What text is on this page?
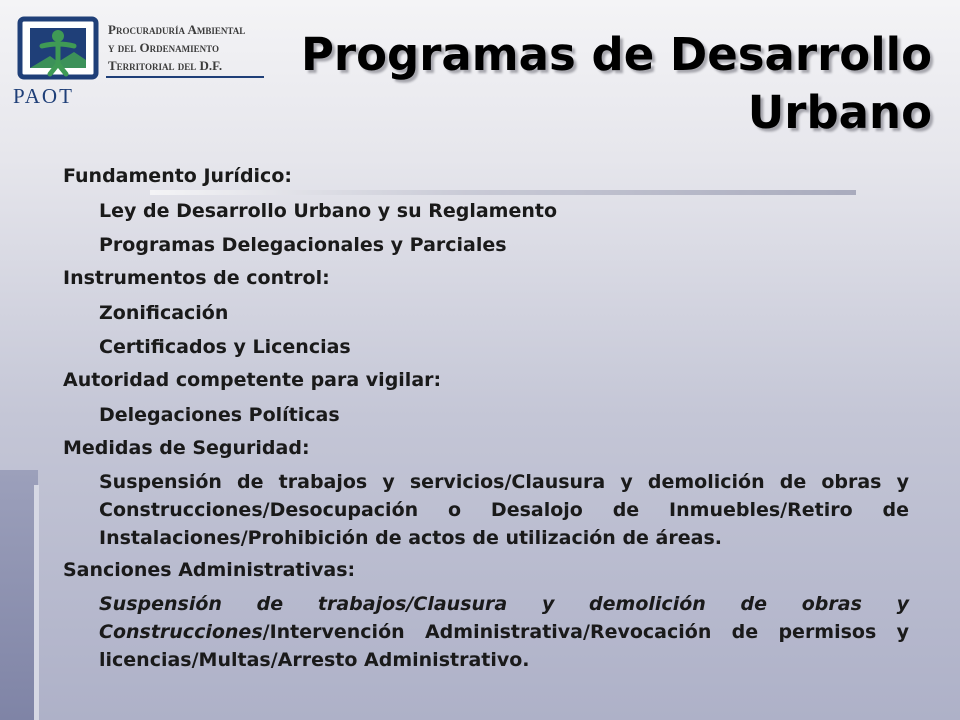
PAOT
Procuraduría Ambiental
y del Ordenamiento
Territorial del D.F. Programas de Desarrollo
Urbano
Fundamento Jurídico:
Ley de Desarrollo Urbano y su Reglamento
Programas Delegacionales y Parciales
Instrumentos de control:
Zonificación
Certificados y Licencias
Autoridad competente para vigilar:
Delegaciones Políticas
Medidas de Seguridad:
Suspensión de trabajos y servicios/Clausura y demolición de obras y Construcciones/Desocupación o Desalojo de Inmuebles/Retiro de Instalaciones/Prohibición de actos de utilización de áreas.
Sanciones Administrativas:
Suspensión de trabajos/Clausura y demolición de obras y Construcciones/Intervención Administrativa/Revocación de permisos y licencias/Multas/Arresto Administrativo.
